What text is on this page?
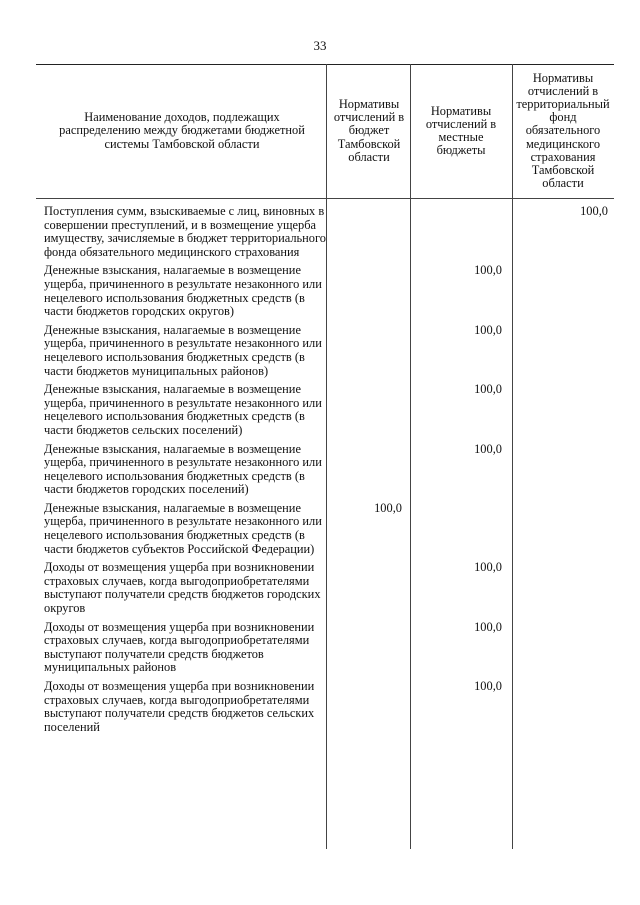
33
Наименование доходов, подлежащих распределению между бюджетами бюджетной системы Тамбовской области
Нормативы отчислений в бюджет Тамбовской области
Нормативы отчислений в местные бюджеты
Нормативы отчислений в территориальный фонд обязательного медицинского страхования Тамбовской области
Поступления сумм, взыскиваемые с лиц, виновных в совершении преступлений, и в возмещение ущерба имуществу, зачисляемые в бюджет территориального фонда обязательного медицинского страхования
100,0
Денежные взыскания, налагаемые в возмещение ущерба, причиненного в результате незаконного или нецелевого использования бюджетных средств (в части бюджетов городских округов)
100,0
Денежные взыскания, налагаемые в возмещение ущерба, причиненного в результате незаконного или нецелевого использования бюджетных средств (в части бюджетов муниципальных районов)
100,0
Денежные взыскания, налагаемые в возмещение ущерба, причиненного в результате незаконного или нецелевого использования бюджетных средств (в части бюджетов сельских поселений)
100,0
Денежные взыскания, налагаемые в возмещение ущерба, причиненного в результате незаконного или нецелевого использования бюджетных средств (в части бюджетов городских поселений)
100,0
Денежные взыскания, налагаемые в возмещение ущерба, причиненного в результате незаконного или нецелевого использования бюджетных средств (в части бюджетов субъектов Российской Федерации)
100,0
Доходы от возмещения ущерба при возникновении страховых случаев, когда выгодоприобретателями выступают получатели средств бюджетов городских округов
100,0
Доходы от возмещения ущерба при возникновении страховых случаев, когда выгодоприобретателями выступают получатели средств бюджетов муниципальных районов
100,0
Доходы от возмещения ущерба при возникновении страховых случаев, когда выгодоприобретателями выступают получатели средств бюджетов сельских поселений
100,0
